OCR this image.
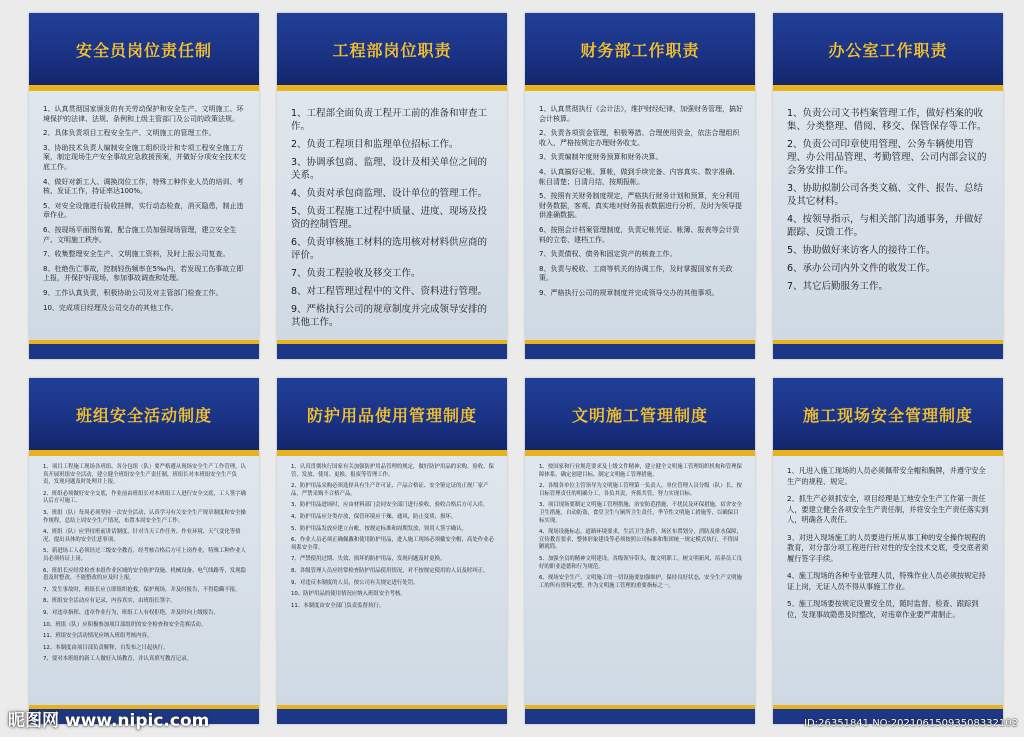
安全员岗位责任制
1、认真贯彻国家颁发的有关劳动保护和安全生产、文明施工、环境保护的法律、法规、条例和上级主管部门及公司的政策法规。
2、具体负责项目工程安全生产、文明施工的管理工作。
3、协助技术负责人编制安全施工组织设计和专项工程安全施工方案，制定现场生产安全事故应急救援预案，并做好分项安全技术交底工作。
4、做好对新工人、调换岗位工作，特殊工种作业人员的培训、考核、发证工作，持证率达100%。
5、对安全设施进行验收挂牌，实行动态检查，消灭隐患，制止违章作业。
6、按现场平面图布置，配合施工员加强现场管理，建立安全生产、文明施工秩序。
7、收集整理安全生产、文明施工资料，及时上报公司复查。
8、杜绝伤亡事故，控制轻伤频率在5‰内，若发现工伤事故立即上报，并保护好现场，参加事故调查和处理。
9、工作认真负责，积极协助公司及对主管部门检查工作。
10、完成项目经理及公司交办的其他工作。
工程部岗位职责
1、工程部全面负责工程开工前的准备和审查工作。
2、负责工程项目和监理单位招标工作。
3、协调承包商、监理、设计及相关单位之间的关系。
4、负责对承包商监理、设计单位的管理工作。
5、负责工程施工过程中质量、进度、现场及投资的控制管理。
6、负责审核施工材料的选用核对材料供应商的评价。
7、负责工程验收及移交工作。
8、对工程管理过程中的文件、资料进行管理。
9、严格执行公司的规章制度并完成领导安排的其他工作。
财务部工作职责
1、认真贯彻执行《会计法》，维护财经纪律，加强财务管理，搞好会计核算。
2、负责各项资金管理，积极筹措、合理使用资金，依法合理组织收入，严格按规定办理财务收支。
3、负责编制年度财务预算和财务决算。
4、认真搞好记帐、算帐，做到手续完备、内容真实、数字准确、帐目清楚；日清月结，按期报帐。
5、按照有关财务制度规定，严格执行财务计划和预算，充分利用财务数据，客观、真实地对财务报表数据进行分析，及时为领导提供准确数据。
6、按照会计档案管理制度，负责记帐凭证、帐簿、报表等会计资料的立卷、建档工作。
7、负责债权、债务和固定资产的核查工作。
8、负责与税收、工商等机关的协调工作，及时掌握国家有关政策。
9、严格执行公司的规章制度并完成领导交办的其他事项。
办公室工作职责
1、负责公司文书档案管理工作，做好档案的收集、分类整理、借阅、移交、保管保存等工作。
2、负责公司印章使用管理、公务车辆使用管理、办公用品管理、考勤管理、公司内部会议的会务安排工作。
3、协助拟制公司各类文稿、文件、报告、总结及其它材料。
4、按领导指示，与相关部门沟通事务，并做好跟踪、反馈工作。
5、协助做好来访客人的接待工作。
6、承办公司内外文件的收发工作。
7、其它后勤服务工作。
班组安全活动制度
1、项目工程施工现场各班组、各分包组（队）要严格遵从现场安全生产工作管理，认真开展班组安全活动，建立健全班组安全生产责任制，班组长对本班组安全生产负责，发现问题及时处理并上报。
2、班组必须做好安全交底，作业前由班组长对本班组工人进行安全交底，工人签字确认后方可施工。
3、班组（队）每周必须坚持一次安全活动，认真学习有关安全生产规章制度和安全操作规程，总结上周安全生产情况，布置本周安全生产工作。
4、班组（队）应坚持班前讲话制度，针对当天工作任务、作业环境、天气变化等情况，提出具体的安全注意事项。
5、新进场工人必须经过三级安全教育，经考核合格后方可上岗作业，特殊工种作业人员必须持证上岗。
6、班组长应经常检查本组作业区域的安全防护设施、机械设备、电气线路等，发现隐患及时整改，不能整改的应及时上报。
7、发生事故时，班组长应立即组织抢救，保护现场，并及时报告，不得隐瞒不报。
8、班组安全活动应有记录，内容真实，由班组长签字。
9、对违章指挥、违章作业行为，班组工人有权拒绝，并及时向上级报告。
10、班组（队）应积极参加项目部组织的安全检查和安全竞赛活动。
11、班组安全活动情况应纳入班组考核内容。
12、本制度由项目部负责解释，自发布之日起执行。
7、要对本班组的新工人做好入场教育，并认真填写教育记录。
防护用品使用管理制度
1、认真贯彻执行国家有关加强防护用品管理的规定，做好防护用品的采购、验收、保管、发放、使用、更换、报废等管理工作。
2、防护用品采购必须选择具有生产许可证、产品合格证、安全鉴定证的正规厂家产品，严禁采购不合格产品。
3、防护用品进场时，应由材料部门会同安全部门进行验收，验收合格后方可入库。
4、防护用品应分类存放，保管环境应干燥、通风，防止变质、损坏。
5、防护用品发放应建立台帐，按规定标准和周期发放，领用人签字确认。
6、作业人员必须正确佩戴和使用防护用品，进入施工现场必须戴安全帽，高处作业必须系安全带。
7、严禁使用过期、失效、损坏的防护用品，发现问题及时更换。
8、各级管理人员应经常检查防护用品使用情况，对不按规定使用的人员及时纠正。
9、对违反本制度的人员，按公司有关规定进行处罚。
10、防护用品的使用情况应纳入班组安全考核。
11、本制度由安全部门负责监督执行。
文明施工管理制度
1、按国家和行业规范要求及上级文件精神，建立健全文明施工管理组织机构和管理保障体系，确定创建目标，制定文明施工管理措施。
2、各级各单位主管领导为文明施工管理第一负责人，单位管理人员分级（队）长，按目标管理责任的明确分工，各负其责，齐抓共管，努力实现目标。
3、项目现场要制定文明施工管理措施，治安防范措施、不扰民及环保措施，宿舍安全卫生措施，自动防盗，食堂卫生与厕所卫生责任，季节性文明施工措施等，以确保目标实现。
4、现场设施标志，道路环境要求，生活卫生条件，场区布置划分，消防及排水保障，宣传教育要求，整体形象建设等必须按照公司标准和集团统一规定模式执行，不得因陋就简。
5、加强全员的精神文明建设，各级领导带头，做文明职工，树文明新风，培养员工良好的职业道德和行为规范。
6、现场安全生产、文明施工的一切设施要加强维护，保持良好状态，安全生产文明施工的所有资料完整，作为文明施工管理的重要指标之一。
施工现场安全管理制度
1、凡进入施工现场的人员必须佩带安全帽和胸牌，并遵守安全生产的规程、规定。
2、抓生产必须抓安全，项目经理是工地安全生产工作第一责任人，要建立健全各项安全生产责任制，并将安全生产责任落实到人，明确各人责任。
3、对进入现场施工的人员要进行所从事工种的安全操作规程的教育，对分部分项工程进行针对性的安全技术交底，受交底者须履行签字手续。
4、施工现场的各种专业管理人员，特殊作业人员必须按规定持证上岗，无证人员不得从事施工作业。
5、施工现场要按规定设置安全员，随时监督、检查、跟踪到位，发现事故隐患及时整改，对违章作业要严肃制止。
昵图网 www.nipic.com	ID:26351841 NO:20210615093508332102
